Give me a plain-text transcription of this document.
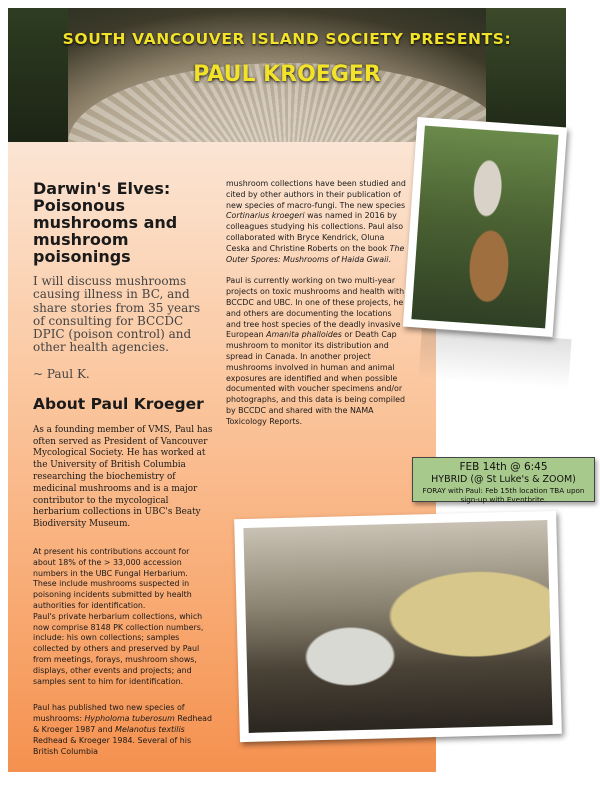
SOUTH VANCOUVER ISLAND SOCIETY PRESENTS:
PAUL KROEGER
Darwin's Elves: Poisonous mushrooms and mushroom poisonings
I will discuss mushrooms causing illness in BC, and share stories from 35 years of consulting for BCCDC DPIC (poison control) and other health agencies.
~ Paul K.
About Paul Kroeger
As a founding member of VMS, Paul has often served as President of Vancouver Mycological Society. He has worked at the University of British Columbia researching the biochemistry of medicinal mushrooms and is a major contributor to the mycological herbarium collections in UBC's Beaty Biodiversity Museum.
At present his contributions account for about 18% of the > 33,000 accession numbers in the UBC Fungal Herbarium. These include mushrooms suspected in poisoning incidents submitted by health authorities for identification.
Paul's private herbarium collections, which now comprise 8148 PK collection numbers, include: his own collections; samples collected by others and preserved by Paul from meetings, forays, mushroom shows, displays, other events and projects; and samples sent to him for identification.
Paul has published two new species of mushrooms: Hypholoma tuberosum Redhead & Kroeger 1987 and Melanotus textilis Redhead & Kroeger 1984. Several of his British Columbia
mushroom collections have been studied and cited by other authors in their publication of new species of macro-fungi. The new species Cortinarius kroegeri was named in 2016 by colleagues studying his collections. Paul also collaborated with Bryce Kendrick, Oluna Ceska and Christine Roberts on the book The Outer Spores: Mushrooms of Haida Gwaii.
Paul is currently working on two multi-year projects on toxic mushrooms and health with BCCDC and UBC. In one of these projects, he and others are documenting the locations and tree host species of the deadly invasive European Amanita phalloides or Death Cap mushroom to monitor its distribution and spread in Canada. In another project mushrooms involved in human and animal exposures are identified and when possible documented with voucher specimens and/or photographs, and this data is being compiled by BCCDC and shared with the NAMA Toxicology Reports.
FEB 14th @ 6:45
HYBRID (@ St Luke's & ZOOM)
FORAY with Paul: Feb 15th location TBA upon sign-up with Eventbrite.
